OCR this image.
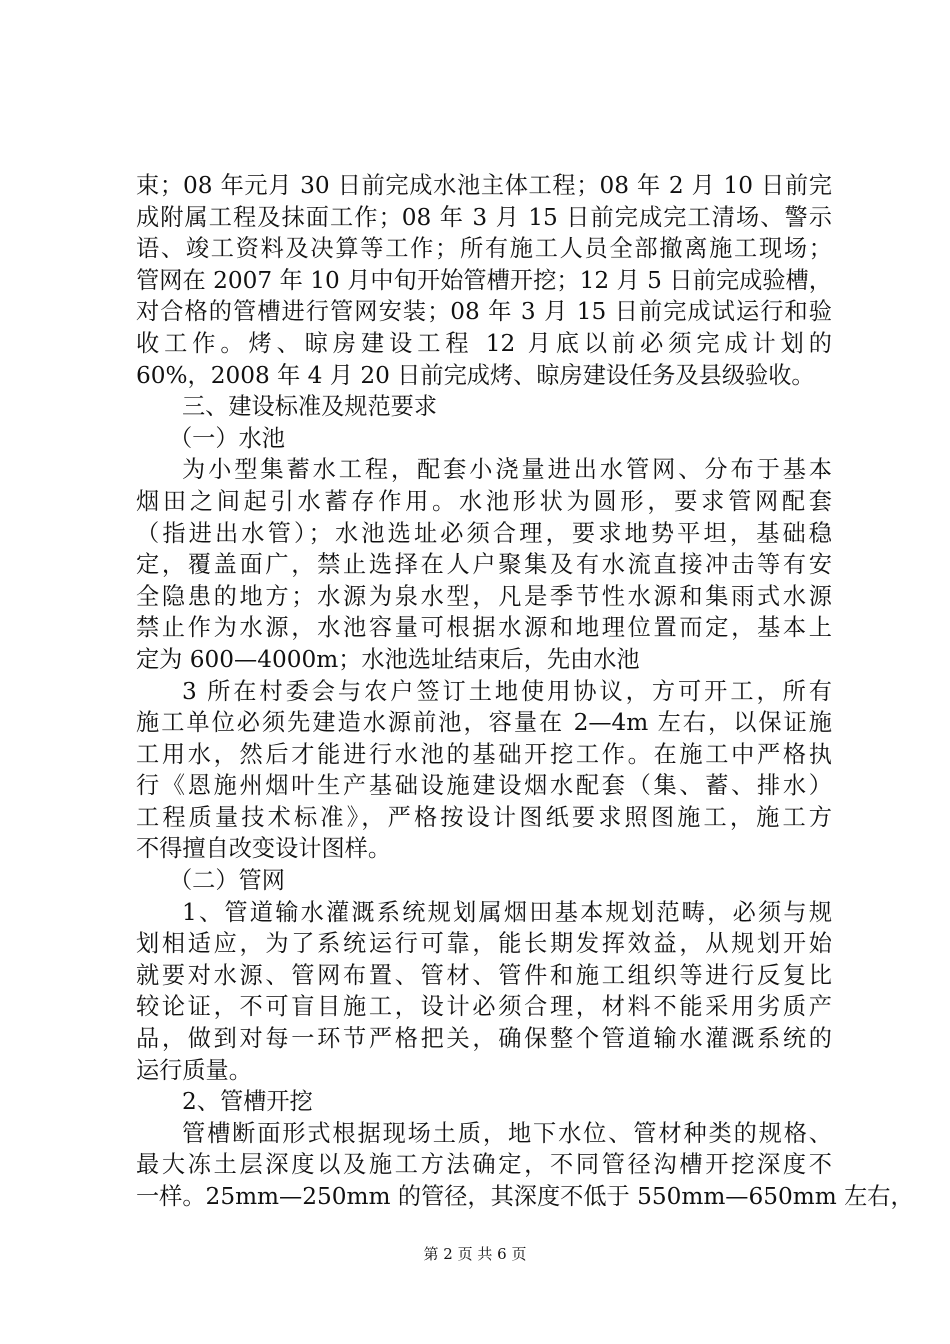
束；08 年元月 30 日前完成水池主体工程；08 年 2 月 10 日前完
成附属工程及抹面工作；08 年 3 月 15 日前完成完工清场、警示
语、竣工资料及决算等工作；所有施工人员全部撤离施工现场；
管网在 2007 年 10 月中旬开始管槽开挖；12 月 5 日前完成验槽，
对合格的管槽进行管网安装；08 年 3 月 15 日前完成试运行和验
收工作。烤、晾房建设工程 12 月底以前必须完成计划的
60%，2008 年 4 月 20 日前完成烤、晾房建设任务及县级验收。
三、建设标准及规范要求
（一）水池
为小型集蓄水工程，配套小浇量进出水管网、分布于基本
烟田之间起引水蓄存作用。水池形状为圆形，要求管网配套
（指进出水管）；水池选址必须合理，要求地势平坦，基础稳
定，覆盖面广，禁止选择在人户聚集及有水流直接冲击等有安
全隐患的地方；水源为泉水型，凡是季节性水源和集雨式水源
禁止作为水源，水池容量可根据水源和地理位置而定，基本上
定为 600—4000m；水池选址结束后，先由水池
3 所在村委会与农户签订土地使用协议，方可开工，所有
施工单位必须先建造水源前池，容量在 2—4m 左右，以保证施
工用水，然后才能进行水池的基础开挖工作。在施工中严格执
行《恩施州烟叶生产基础设施建设烟水配套（集、蓄、排水）
工程质量技术标准》，严格按设计图纸要求照图施工，施工方
不得擅自改变设计图样。
（二）管网
1、管道输水灌溉系统规划属烟田基本规划范畴，必须与规
划相适应，为了系统运行可靠，能长期发挥效益，从规划开始
就要对水源、管网布置、管材、管件和施工组织等进行反复比
较论证，不可盲目施工，设计必须合理，材料不能采用劣质产
品，做到对每一环节严格把关，确保整个管道输水灌溉系统的
运行质量。
2、管槽开挖
管槽断面形式根据现场土质，地下水位、管材种类的规格、
最大冻土层深度以及施工方法确定，不同管径沟槽开挖深度不
一样。25mm—250mm 的管径，其深度不低于 550mm—650mm 左右，
第 2 页 共 6 页
